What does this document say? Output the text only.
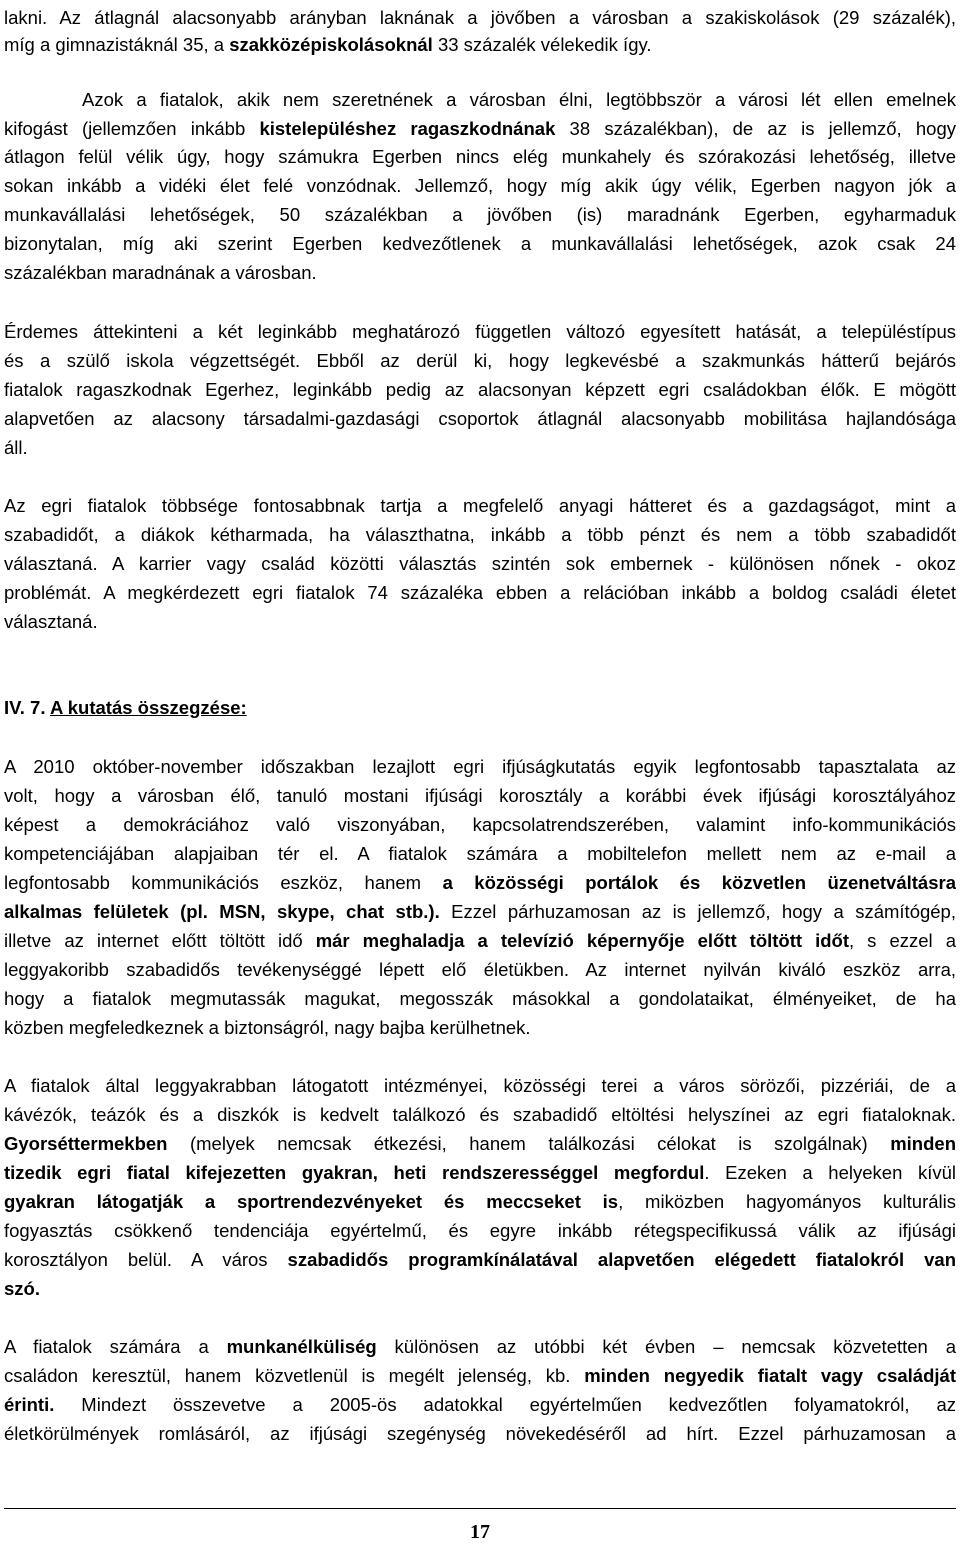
lakni. Az átlagnál alacsonyabb arányban laknának a jövőben a városban a szakiskolások (29 százalék),
míg a gimnazistáknál 35, a szakközépiskolásoknál 33 százalék vélekedik így.
Azok a fiatalok, akik nem szeretnének a városban élni, legtöbbször a városi lét ellen emelnek
kifogást (jellemzően inkább kistelepüléshez ragaszkodnának 38 százalékban), de az is jellemző, hogy
átlagon felül vélik úgy, hogy számukra Egerben nincs elég munkahely és szórakozási lehetőség, illetve
sokan inkább a vidéki élet felé vonzódnak. Jellemző, hogy míg akik úgy vélik, Egerben nagyon jók a
munkavállalási lehetőségek, 50 százalékban a jövőben (is) maradnánk Egerben, egyharmaduk
bizonytalan, míg aki szerint Egerben kedvezőtlenek a munkavállalási lehetőségek, azok csak 24
százalékban maradnának a városban.
Érdemes áttekinteni a két leginkább meghatározó független változó egyesített hatását, a településtípus
és a szülő iskola végzettségét. Ebből az derül ki, hogy legkevésbé a szakmunkás hátterű bejárós
fiatalok ragaszkodnak Egerhez, leginkább pedig az alacsonyan képzett egri családokban élők. E mögött
alapvetően az alacsony társadalmi-gazdasági csoportok átlagnál alacsonyabb mobilitása hajlandósága
áll.
Az egri fiatalok többsége fontosabbnak tartja a megfelelő anyagi hátteret és a gazdagságot, mint a
szabadidőt, a diákok kétharmada, ha választhatna, inkább a több pénzt és nem a több szabadidőt
választaná. A karrier vagy család közötti választás szintén sok embernek - különösen nőnek - okoz
problémát. A megkérdezett egri fiatalok 74 százaléka ebben a relációban inkább a boldog családi életet
választaná.
IV. 7. A kutatás összegzése:
A 2010 október-november időszakban lezajlott egri ifjúságkutatás egyik legfontosabb tapasztalata az
volt, hogy a városban élő, tanuló mostani ifjúsági korosztály a korábbi évek ifjúsági korosztályához
képest a demokráciához való viszonyában, kapcsolatrendszerében, valamint info-kommunikációs
kompetenciájában alapjaiban tér el. A fiatalok számára a mobiltelefon mellett nem az e-mail a
legfontosabb kommunikációs eszköz, hanem a közösségi portálok és közvetlen üzenetváltásra
alkalmas felületek (pl. MSN, skype, chat stb.). Ezzel párhuzamosan az is jellemző, hogy a számítógép,
illetve az internet előtt töltött idő már meghaladja a televízió képernyője előtt töltött időt, s ezzel a
leggyakoribb szabadidős tevékenységgé lépett elő életükben. Az internet nyilván kiváló eszköz arra,
hogy a fiatalok megmutassák magukat, megosszák másokkal a gondolataikat, élményeiket, de ha
közben megfeledkeznek a biztonságról, nagy bajba kerülhetnek.
A fiatalok által leggyakrabban látogatott intézményei, közösségi terei a város sörözői, pizzériái, de a
kávézók, teázók és a diszkók is kedvelt találkozó és szabadidő eltöltési helyszínei az egri fiataloknak.
Gyorséttermekben (melyek nemcsak étkezési, hanem találkozási célokat is szolgálnak) minden
tizedik egri fiatal kifejezetten gyakran, heti rendszerességgel megfordul. Ezeken a helyeken kívül
gyakran látogatják a sportrendezvényeket és meccseket is, miközben hagyományos kulturális
fogyasztás csökkenő tendenciája egyértelmű, és egyre inkább rétegspecifikussá válik az ifjúsági
korosztályon belül. A város szabadidős programkínálatával alapvetően elégedett fiatalokról van
szó.
A fiatalok számára a munkanélküliség különösen az utóbbi két évben – nemcsak közvetetten a
családon keresztül, hanem közvetlenül is megélt jelenség, kb. minden negyedik fiatalt vagy családját
érinti. Mindezt összevetve a 2005-ös adatokkal egyértelműen kedvezőtlen folyamatokról, az
életkörülmények romlásáról, az ifjúsági szegénység növekedéséről ad hírt. Ezzel párhuzamosan a
17
